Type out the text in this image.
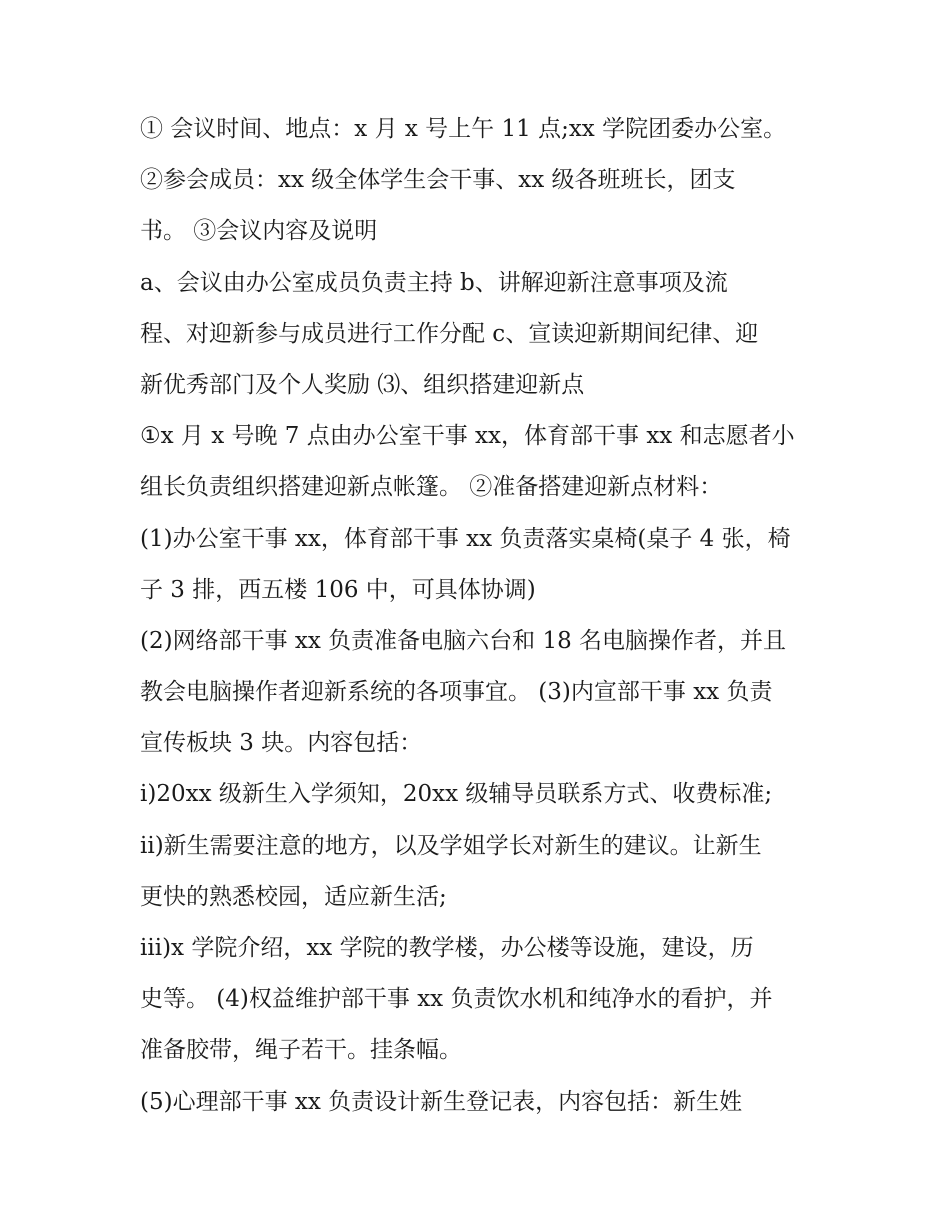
① 会议时间、地点：x 月 x 号上午 11 点;xx 学院团委办公室。
②参会成员：xx 级全体学生会干事、xx 级各班班长，团支
书。 ③会议内容及说明
a、会议由办公室成员负责主持 b、讲解迎新注意事项及流
程、对迎新参与成员进行工作分配 c、宣读迎新期间纪律、迎
新优秀部门及个人奖励 ⑶、组织搭建迎新点
①x 月 x 号晚 7 点由办公室干事 xx，体育部干事 xx 和志愿者小
组长负责组织搭建迎新点帐篷。 ②准备搭建迎新点材料：
(1)办公室干事 xx，体育部干事 xx 负责落实桌椅(桌子 4 张，椅
子 3 排，西五楼 106 中，可具体协调)
(2)网络部干事 xx 负责准备电脑六台和 18 名电脑操作者，并且
教会电脑操作者迎新系统的各项事宜。 (3)内宣部干事 xx 负责
宣传板块 3 块。内容包括：
i)20xx 级新生入学须知，20xx 级辅导员联系方式、收费标准;
ii)新生需要注意的地方，以及学姐学长对新生的建议。让新生
更快的熟悉校园，适应新生活;
iii)x 学院介绍，xx 学院的教学楼，办公楼等设施，建设，历
史等。 (4)权益维护部干事 xx 负责饮水机和纯净水的看护，并
准备胶带，绳子若干。挂条幅。
(5)心理部干事 xx 负责设计新生登记表，内容包括：新生姓
